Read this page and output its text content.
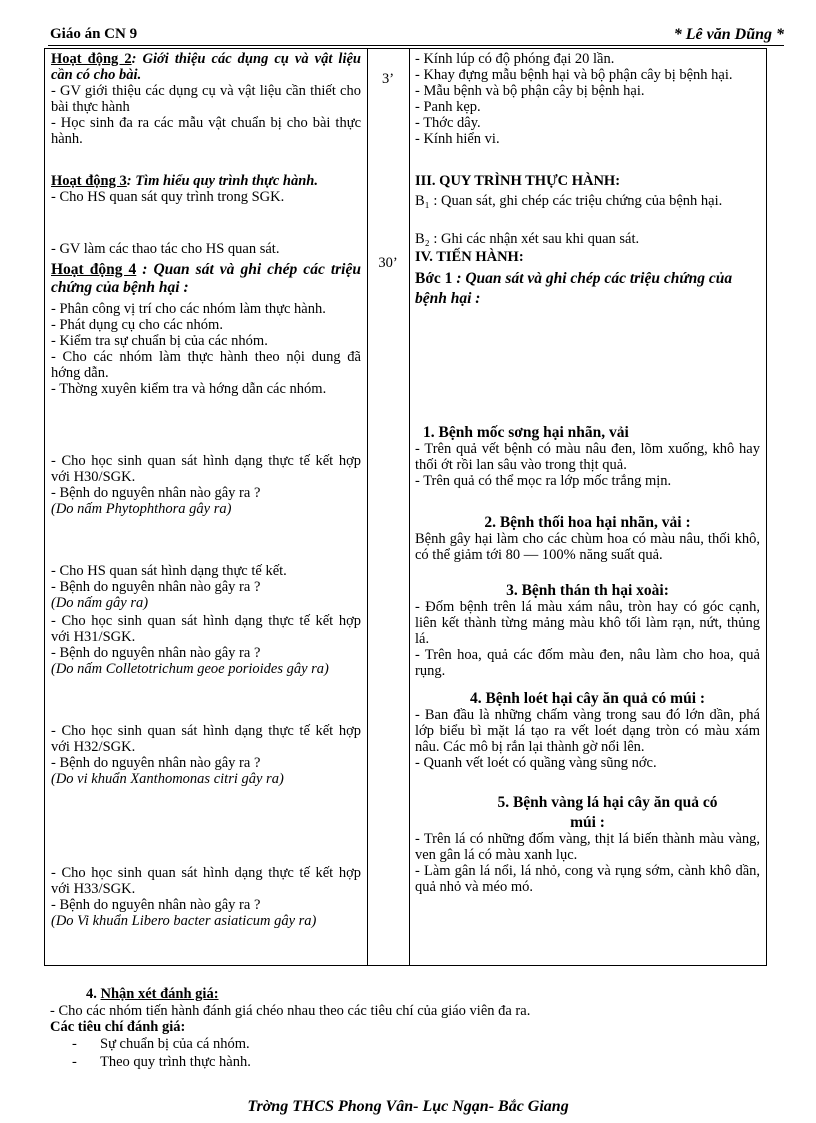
Giáo án CN 9	* Lê văn Dũng *
Hoạt động 2: Giới thiệu các dụng cụ và vật liệu cần có cho bài.
- GV giới thiệu các dụng cụ và vật liệu cần thiết cho bài thực hành
- Học sinh đa ra các mẫu vật chuẩn bị cho bài thực hành.
Hoạt động 3: Tìm hiểu quy trình thực hành.
- Cho HS quan sát quy trình trong SGK.
- GV làm các thao tác cho HS quan sát.
Hoạt động 4 : Quan sát và ghi chép các triệu chứng của bệnh hại :
- Phân công vị trí cho các nhóm làm thực hành.
- Phát dụng cụ cho các nhóm.
- Kiểm tra sự chuẩn bị của các nhóm.
- Cho các nhóm làm thực hành theo nội dung đã hớng dẫn.
- Thờng xuyên kiểm tra và hớng dẫn các nhóm.
- Cho học sinh quan sát hình dạng thực tế kết hợp với H30/SGK.
- Bệnh do nguyên nhân nào gây ra ?
(Do nấm Phytophthora gây ra)
- Cho HS quan sát hình dạng thực tế kết.
- Bệnh do nguyên nhân nào gây ra ?
(Do nấm gây ra)
- Cho học sinh quan sát hình dạng thực tế kết hợp với H31/SGK.
- Bệnh do nguyên nhân nào gây ra ?
(Do nấm Colletotrichum geoe porioides gây ra)
- Cho học sinh quan sát hình dạng thực tế kết hợp với H32/SGK.
- Bệnh do nguyên nhân nào gây ra ?
(Do vi khuẩn Xanthomonas citri gây ra)
- Cho học sinh quan sát hình dạng thực tế kết hợp với H33/SGK.
- Bệnh do nguyên nhân nào gây ra ?
(Do Vi khuẩn Libero bacter asiaticum gây ra)
3’
30’
- Kính lúp có độ phóng đại 20 lần.
- Khay đựng mẫu bệnh hại và bộ phận cây bị bệnh hại.
- Mẫu bệnh và bộ phận cây bị bệnh hại.
- Panh kẹp.
- Thớc dây.
- Kính hiển vi.
III. QUY TRÌNH THỰC HÀNH:
B₁ : Quan sát, ghi chép các triệu chứng của bệnh hại.
B₂ : Ghi các nhận xét sau khi quan sát.
IV. TIẾN HÀNH:
Bớc 1 : Quan sát và ghi chép các triệu chứng của bệnh hại :
1. Bệnh mốc sơng hại nhãn, vải
- Trên quả vết bệnh có màu nâu đen, lõm xuống, khô hay thối ớt rồi lan sâu vào trong thịt quả.
- Trên quả có thể mọc ra lớp mốc trắng mịn.
2. Bệnh thối hoa hại nhãn, vải :
Bệnh gây hại làm cho các chùm hoa có màu nâu, thối khô, có thể giảm tới 80 — 100% năng suất quả.
3. Bệnh thán th hại xoài:
- Đốm bệnh trên lá màu xám nâu, tròn hay có góc cạnh, liên kết thành từng mảng màu khô tối làm rạn, nứt, thủng lá.
- Trên hoa, quả các đốm màu đen, nâu làm cho hoa, quả rụng.
4. Bệnh loét hại cây ăn quả có múi :
- Ban đầu là những chấm vàng trong sau đó lớn dần, phá lớp biểu bì mặt lá tạo ra vết loét dạng tròn có màu xám nâu. Các mô bị rắn lại thành gờ nổi lên.
- Quanh vết loét có quầng vàng sũng nớc.
5. Bệnh vàng lá hại cây ăn quả có
múi :
- Trên lá có những đốm vàng, thịt lá biến thành màu vàng, ven gân lá có màu xanh lục.
- Làm gân lá nổi, lá nhỏ, cong và rụng sớm, cành khô dần, quả nhỏ và méo mó.
4. Nhận xét đánh giá:
- Cho các nhóm tiến hành đánh giá chéo nhau theo các tiêu chí của giáo viên đa ra.
Các tiêu chí đánh giá:
- Sự chuẩn bị của cá nhóm.
- Theo quy trình thực hành.
Trờng THCS Phong Vân- Lục Ngạn- Bắc Giang
